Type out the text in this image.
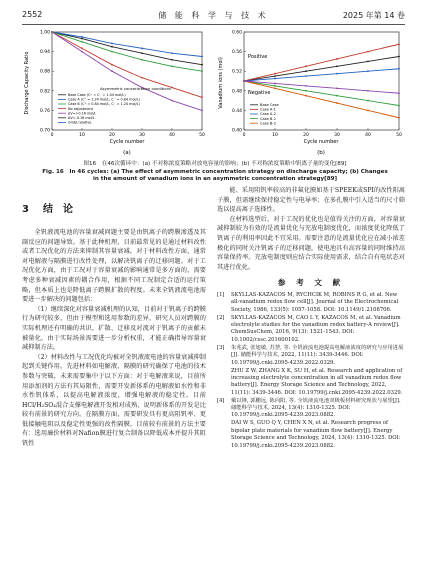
2552	储 能 科 学 与 技 术	2025 年第 14 卷
Discharge Capacity Ratio
Cycle number
(a)
0	10	20	30	40	50
0.70
0.76
0.82
0.88
0.94
1.00
Asymmetric concentration conditions
Base Case (C⁺ = C⁻ = 1.04 mol/L)
Case A (C⁺ = 1.24 mol/L, C⁻ = 0.84 mol/L)
Case B (C⁺ = 0.84 mol/L, C⁻ = 1.24 mol/L)
No adjustment
ΔV=+0.16 mol/L
ΔV=-0.16 mol/L
GridΔ relative
Vanadium ions (mol)
Cycle number
(b)
0	10	20	30	40	50
0.40
0.44
0.48
0.52
0.56
0.60
Positive
Negative
Base Case
Case A-1
Case A-2
Case B-1
Case B-2
图16　在46次循环中：(a) 不对称浓度策略对放电容量的影响；(b) 不对称浓度策略中钒离子量的变化[89]
Fig. 16　In 46 cycles: (a) The effect of asymmetric concentration strategy on discharge capacity; (b) Changes
in the amount of vanadium ions in an asymmetric concentration strategy[89]
3 结　论

全钒液流电池的容量衰减问题主要是由钒离子的跨膜渗透及其副反应的问题导致。基于此种机理，目前最常见的是通过材料改性或者工况优化的方法来抑制其容量衰减。对于材料改性方面，通常对电解液与隔膜进行改性处理，以解决钒离子的迁移问题。对于工况优化方面，由于工况对于容量衰减的影响通常是多方面的，需要考虑多种衰减因素的耦合作用，根据不同工况制定合适的运行策略，但本质上也是降低离子跨膜扩散的程度。未来全钒液流电池需要进一步解决的问题包括：

（1）继续深化对容量衰减机理的认知，目前对于钒离子的跨膜行为研究较多，但由于模型和选用参数的差异，研究人员对跨膜的实际机理还有明确的共识，扩散、迁移及对流对于钒离子的贡献未被量化，由于实际场景需要进一步分析权重，才能正确指导容量衰减抑制方法。

（2）材料改性与工况优化均被对全钒液流电池的容量衰减抑制起到关键作用。先进材料如电解液、隔膜的研究确保了电池的技术参数与突破，未来需要集中于以下方面：对于电解液来说，目前所用添加剂的方法有其局限性，需要开发新体系的电解液如水性和非水性钒体系，以提高电解液浓度，增强电解液的稳定性。目前HCl/H₂SO₄混合支撑电解液开发相对成熟，说明新体系的开发是比较有前景的研究方向。在隔膜方面，需要研发具有更高阻钒率、更低接触电阻以及稳定性更强的改性隔膜，目前较有前景的方法主要有：选用廉价材料对Nafion膜进行复合制备以降低成本并提升其阻钒性

能、采用阻钒率较高的非氟化膜如基于SPEEK或SPI的改性阳离子膜，但需继续保持稳定性与电导率；在多孔膜中引入适当的尺寸筛选以提高离子选择性。

在材料选型后，对于工况的优化也是值得关注的方面，对容量衰减抑制较为有效的是流量优化与充放电制度优化，而浓度优化降低了钒离子的利用率因此不宜采用。需要注意的是流量优化应在减小浓差极化的同时关注钒离子的迁移问题，使电池具有高容量的同时维持高容量保持率。充放电制度则应结合实际使用需求，结合自有电状态对其进行优化。

参 考 文 献
[1] SKYLLAS-KAZACOS M, RYCHCIK M, ROBINS R G, et al. New all-vanadium redox flow cell[J]. Journal of the Electrochemical Society, 1986, 133(5): 1057-1058. DOI: 10.1149/1.2108706.
[2] SKYLLAS-KAZACOS M, CAO L Y, KAZACOS M, et al. Vanadium electrolyte studies for the vanadium redox battery-A review[J]. ChemSusChem, 2016, 9(13): 1521-1543. DOI: 10.1002/cssc.201600102.
[3] 朱兆武, 张旭敏, 苏慧, 等. 全钒液流电池提高电解液浓度的研究与应用进展[J]. 储能科学与技术, 2022, 11(11): 3439-3446. DOI: 10.19799/j.cnki.2095-4239.2022.0329.
ZHU Z W, ZHANG X K, SU H, et al. Research and application of increasing electrolyte concentration in all vanadium redox flow battery[J]. Energy Storage Science and Technology, 2022, 11(11): 3439-3446. DOI: 10.19799/j.cnki.2095-4239.2022.0329.
[4] 戴以锋, 郭鹏远, 陈向阳, 等. 全钒液流电池双极板材料研究现状与展望[J]. 储能科学与技术, 2024, 13(4): 1310-1325. DOI: 10.19799/j.cnki.2095-4239.2023.0882.
DAI W S, GUO Q Y, CHEN X N, et al. Research progress of bipolar plate materials for vanadium flow battery[J]. Energy Storage Science and Technology, 2024, 13(4): 1310-1325. DOI: 10.19799/j.cnki.2095-4239.2023.0882.
